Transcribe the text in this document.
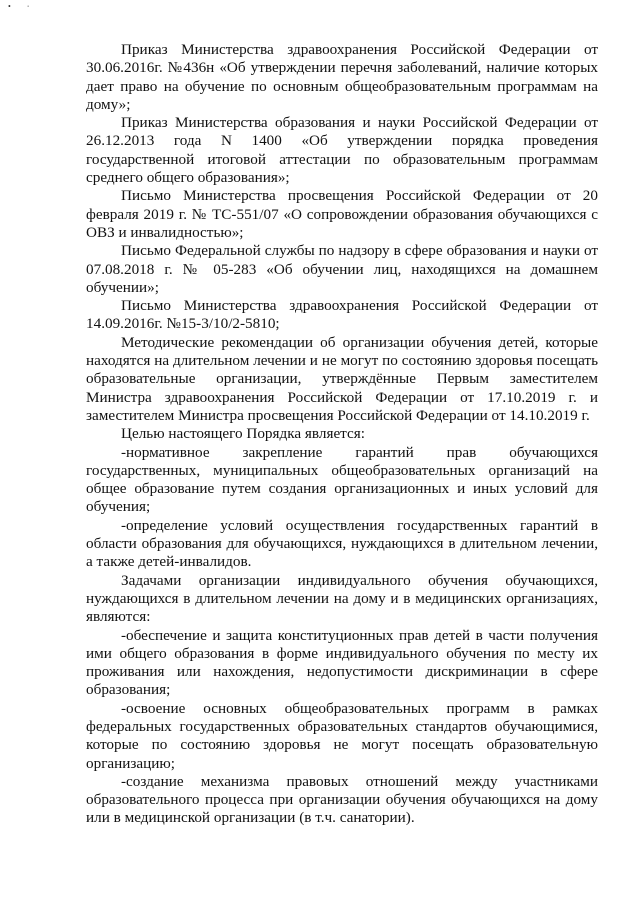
•        ⋅

Приказ Министерства здравоохранения Российской Федерации от 30.06.2016г. №436н «Об утверждении перечня заболеваний, наличие которых дает право на обучение по основным общеобразовательным программам на дому»;

Приказ Министерства образования и науки Российской Федерации от 26.12.2013 года N 1400 «Об утверждении порядка проведения государственной итоговой аттестации по образовательным программам среднего общего образования»;

Письмо Министерства просвещения Российской Федерации от 20 февраля 2019 г. № ТС-551/07 «О сопровождении образования обучающихся с ОВЗ и инвалидностью»;

Письмо Федеральной службы по надзору в сфере образования и науки от 07.08.2018 г. № 05-283 «Об обучении лиц, находящихся на домашнем обучении»;

Письмо Министерства здравоохранения Российской Федерации от 14.09.2016г. №15-3/10/2-5810;

Методические рекомендации об организации обучения детей, которые находятся на длительном лечении и не могут по состоянию здоровья посещать образовательные организации, утверждённые Первым заместителем Министра здравоохранения Российской Федерации от 17.10.2019 г. и заместителем Министра просвещения Российской Федерации от 14.10.2019 г.

Целью настоящего Порядка является:

-нормативное закрепление гарантий прав обучающихся государственных, муниципальных общеобразовательных организаций на общее образование путем создания организационных и иных условий для обучения;

-определение условий осуществления государственных гарантий в области образования для обучающихся, нуждающихся в длительном лечении, а также детей-инвалидов.

Задачами организации индивидуального обучения обучающихся, нуждающихся в длительном лечении на дому и в медицинских организациях, являются:

-обеспечение и защита конституционных прав детей в части получения ими общего образования в форме индивидуального обучения по месту их проживания или нахождения, недопустимости дискриминации в сфере образования;

-освоение основных общеобразовательных программ в рамках федеральных государственных образовательных стандартов обучающимися, которые по состоянию здоровья не могут посещать образовательную организацию;

-создание механизма правовых отношений между участниками образовательного процесса при организации обучения обучающихся на дому или в медицинской организации (в т.ч. санатории).
